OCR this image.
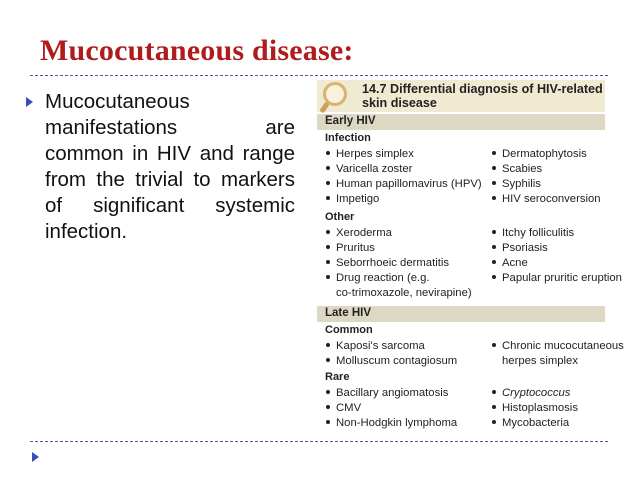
Mucocutaneous disease:
Mucocutaneous manifestations are common in HIV and range from the trivial to markers of significant systemic infection.
14.7 Differential diagnosis of HIV-related
skin disease
Early HIV
Infection
Herpes simplex
Varicella zoster
Human papillomavirus (HPV)
Impetigo
Dermatophytosis
Scabies
Syphilis
HIV seroconversion
Other
Xeroderma
Pruritus
Seborrhoeic dermatitis
Drug reaction (e.g.
co-trimoxazole, nevirapine)
Itchy folliculitis
Psoriasis
Acne
Papular pruritic eruption
Late HIV
Common
Kaposi's sarcoma
Molluscum contagiosum
Chronic mucocutaneous
herpes simplex
Rare
Bacillary angiomatosis
CMV
Non-Hodgkin lymphoma
Cryptococcus
Histoplasmosis
Mycobacteria
